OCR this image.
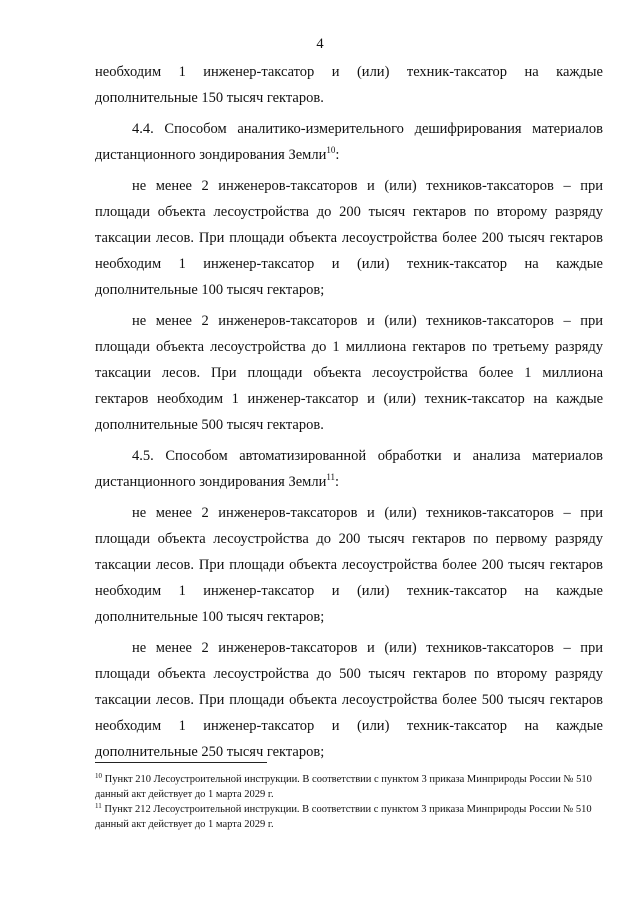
4
необходим 1 инженер-таксатор и (или) техник-таксатор на каждые
дополнительные 150 тысяч гектаров.
4.4. Способом аналитико-измерительного дешифрирования материалов
дистанционного зондирования Земли$^{10}$:
не менее 2 инженеров-таксаторов и (или) техников-таксаторов – при
площади объекта лесоустройства до 200 тысяч гектаров по второму разряду
таксации лесов. При площади объекта лесоустройства более 200 тысяч гектаров
необходим 1 инженер-таксатор и (или) техник-таксатор на каждые
дополнительные 100 тысяч гектаров;
не менее 2 инженеров-таксаторов и (или) техников-таксаторов – при
площади объекта лесоустройства до 1 миллиона гектаров по третьему разряду
таксации лесов. При площади объекта лесоустройства более 1 миллиона
гектаров необходим 1 инженер-таксатор и (или) техник-таксатор на каждые
дополнительные 500 тысяч гектаров.
4.5. Способом автоматизированной обработки и анализа материалов
дистанционного зондирования Земли$^{11}$:
не менее 2 инженеров-таксаторов и (или) техников-таксаторов – при
площади объекта лесоустройства до 200 тысяч гектаров по первому разряду
таксации лесов. При площади объекта лесоустройства более 200 тысяч гектаров
необходим 1 инженер-таксатор и (или) техник-таксатор на каждые
дополнительные 100 тысяч гектаров;
не менее 2 инженеров-таксаторов и (или) техников-таксаторов – при
площади объекта лесоустройства до 500 тысяч гектаров по второму разряду
таксации лесов. При площади объекта лесоустройства более 500 тысяч гектаров
необходим 1 инженер-таксатор и (или) техник-таксатор на каждые
дополнительные 250 тысяч гектаров;
$^{10}$ Пункт 210 Лесоустроительной инструкции. В соответствии с пунктом 3 приказа Минприроды России № 510
данный акт действует до 1 марта 2029 г.
$^{11}$ Пункт 212 Лесоустроительной инструкции. В соответствии с пунктом 3 приказа Минприроды России № 510
данный акт действует до 1 марта 2029 г.
